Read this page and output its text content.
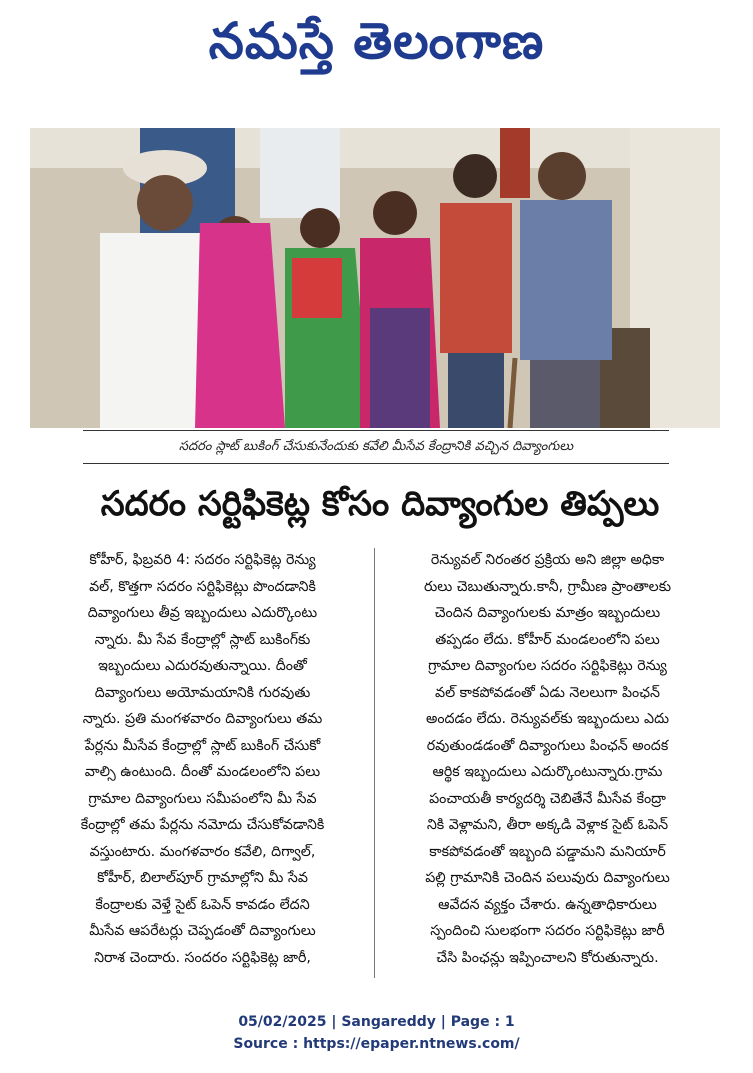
నమస్తే తెలంగాణ
సదరం స్లాట్ బుకింగ్ చేసుకునేందుకు కవేలి మీసేవ కేంద్రానికి వచ్చిన దివ్యాంగులు
సదరం సర్టిఫికెట్ల కోసం దివ్యాంగుల తిప్పలు
కోహీర్, ఫిబ్రవరి 4: సదరం సర్టిఫికెట్ల రెన్యు
వల్, కొత్తగా సదరం సర్టిఫికెట్లు పొందడానికి
దివ్యాంగులు తీవ్ర ఇబ్బందులు ఎదుర్కొంటు
న్నారు. మీ సేవ కేంద్రాల్లో స్లాట్ బుకింగ్‌కు
ఇబ్బందులు ఎదురవుతున్నాయి. దీంతో
దివ్యాంగులు అయోమయానికి గురవుతు
న్నారు. ప్రతి మంగళవారం దివ్యాంగులు తమ
పేర్లను మీసేవ కేంద్రాల్లో స్లాట్ బుకింగ్ చేసుకో
వాల్సి ఉంటుంది. దీంతో మండలంలోని పలు
గ్రామాల దివ్యాంగులు సమీపంలోని మీ సేవ
కేంద్రాల్లో తమ పేర్లను నమోదు చేసుకోవడానికి
వస్తుంటారు. మంగళవారం కవేలి, దిగ్వాల్,
కోహీర్, బిలాల్‌పూర్ గ్రామాల్లోని మీ సేవ
కేంద్రాలకు వెళ్తే సైట్ ఓపెన్ కావడం లేదని
మీసేవ ఆపరేటర్లు చెప్పడంతో దివ్యాంగులు
నిరాశ చెందారు. సందరం సర్టిఫికెట్ల జారీ,
రెన్యువల్ నిరంతర ప్రక్రియ అని జిల్లా అధికా
రులు చెబుతున్నారు.కానీ, గ్రామీణ ప్రాంతాలకు
చెందిన దివ్యాంగులకు మాత్రం ఇబ్బందులు
తప్పడం లేదు. కోహీర్ మండలంలోని పలు
గ్రామాల దివ్యాంగుల సదరం సర్టిఫికెట్లు రెన్యు
వల్ కాకపోవడంతో ఏడు నెలలుగా పింఛన్
అందడం లేదు. రెన్యువల్‌కు ఇబ్బందులు ఎదు
రవుతుండడంతో దివ్యాంగులు పింఛన్ అందక
ఆర్థిక ఇబ్బందులు ఎదుర్కొంటున్నారు.గ్రామ
పంచాయతీ కార్యదర్శి చెబితేనే మీసేవ కేంద్రా
నికి వెళ్లామని, తీరా అక్కడి వెళ్లాక సైట్ ఓపెన్
కాకపోవడంతో ఇబ్బంది పడ్డామని మనియార్
పల్లి గ్రామానికి చెందిన పలువురు దివ్యాంగులు
ఆవేదన వ్యక్తం చేశారు. ఉన్నతాధికారులు
స్పందించి సులభంగా సదరం సర్టిఫికెట్లు జారీ
చేసి పింఛన్లు ఇప్పించాలని కోరుతున్నారు.
05/02/2025 | Sangareddy | Page : 1
Source : https://epaper.ntnews.com/
